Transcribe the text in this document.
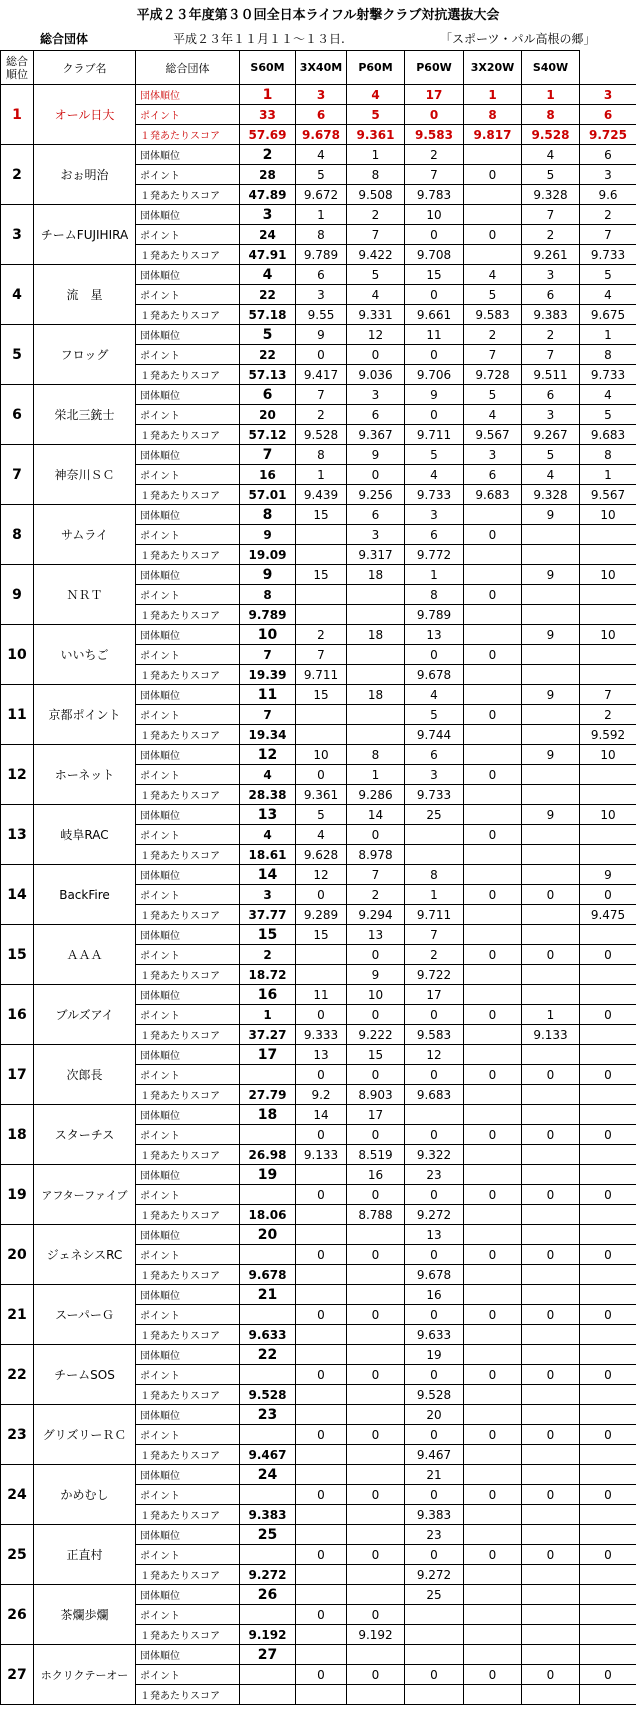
平成２３年度第３０回全日本ライフル射撃クラブ対抗選抜大会
総合団体	平成２３年１１月１１～１３日.	「スポーツ・パル高根の郷」
総合順位	クラブ名	総合団体	S60M	3X40M	P60M	P60W	3X20W	S40W	
1	オール日大	団体順位	1	3	4	17	1	1	3
		ポイント	33	6	5	0	8	8	6
		１発あたりスコア	57.69	9.678	9.361	9.583	9.817	9.528	9.725
2	おぉ明治	団体順位	2	4	1	2		4	6
		ポイント	28	5	8	7	0	5	3
		１発あたりスコア	47.89	9.672	9.508	9.783		9.328	9.6
3	チームFUJIHIRA	団体順位	3	1	2	10		7	2
		ポイント	24	8	7	0	0	2	7
		１発あたりスコア	47.91	9.789	9.422	9.708		9.261	9.733
4	流　星	団体順位	4	6	5	15	4	3	5
		ポイント	22	3	4	0	5	6	4
		１発あたりスコア	57.18	9.55	9.331	9.661	9.583	9.383	9.675
5	フロッグ	団体順位	5	9	12	11	2	2	1
		ポイント	22	0	0	0	7	7	8
		１発あたりスコア	57.13	9.417	9.036	9.706	9.728	9.511	9.733
6	栄北三銃士	団体順位	6	7	3	9	5	6	4
		ポイント	20	2	6	0	4	3	5
		１発あたりスコア	57.12	9.528	9.367	9.711	9.567	9.267	9.683
7	神奈川ＳＣ	団体順位	7	8	9	5	3	5	8
		ポイント	16	1	0	4	6	4	1
		１発あたりスコア	57.01	9.439	9.256	9.733	9.683	9.328	9.567
8	サムライ	団体順位	8	15	6	3		9	10
		ポイント	9		3	6	0		
		１発あたりスコア	19.09		9.317	9.772			
9	ＮＲＴ	団体順位	9	15	18	1		9	10
		ポイント	8			8	0		
		１発あたりスコア	9.789			9.789			
10	いいちご	団体順位	10	2	18	13		9	10
		ポイント	7	7		0	0		
		１発あたりスコア	19.39	9.711		9.678			
11	京都ポイント	団体順位	11	15	18	4		9	7
		ポイント	7			5	0		2
		１発あたりスコア	19.34			9.744			9.592
12	ホーネット	団体順位	12	10	8	6		9	10
		ポイント	4	0	1	3	0		
		１発あたりスコア	28.38	9.361	9.286	9.733			
13	岐阜RAC	団体順位	13	5	14	25		9	10
		ポイント	4	4	0		0		
		１発あたりスコア	18.61	9.628	8.978				
14	BackFire	団体順位	14	12	7	8			9
		ポイント	3	0	2	1	0	0	0
		１発あたりスコア	37.77	9.289	9.294	9.711			9.475
15	ＡＡＡ	団体順位	15	15	13	7			
		ポイント	2		0	2	0	0	0
		１発あたりスコア	18.72		9	9.722			
16	ブルズアイ	団体順位	16	11	10	17			
		ポイント	1	0	0	0	0	1	0
		１発あたりスコア	37.27	9.333	9.222	9.583		9.133	
17	次郎長	団体順位	17	13	15	12			
		ポイント		0	0	0	0	0	0
		１発あたりスコア	27.79	9.2	8.903	9.683			
18	スターチス	団体順位	18	14	17				
		ポイント		0	0	0	0	0	0
		１発あたりスコア	26.98	9.133	8.519	9.322			
19	アフターファイブ	団体順位	19		16	23			
		ポイント		0	0	0	0	0	0
		１発あたりスコア	18.06		8.788	9.272			
20	ジェネシスRC	団体順位	20			13			
		ポイント		0	0	0	0	0	0
		１発あたりスコア	9.678			9.678			
21	スーパーＧ	団体順位	21			16			
		ポイント		0	0	0	0	0	0
		１発あたりスコア	9.633			9.633			
22	チームSOS	団体順位	22			19			
		ポイント		0	0	0	0	0	0
		１発あたりスコア	9.528			9.528			
23	グリズリーＲＣ	団体順位	23			20			
		ポイント		0	0	0	0	0	0
		１発あたりスコア	9.467			9.467			
24	かめむし	団体順位	24			21			
		ポイント		0	0	0	0	0	0
		１発あたりスコア	9.383			9.383			
25	正直村	団体順位	25			23			
		ポイント		0	0	0	0	0	0
		１発あたりスコア	9.272			9.272			
26	茶爛歩爛	団体順位	26			25			
		ポイント		0	0				
		１発あたりスコア	9.192		9.192				
27	ホクリクテーオー	団体順位	27						
		ポイント		0	0	0	0	0	0
		１発あたりスコア							
